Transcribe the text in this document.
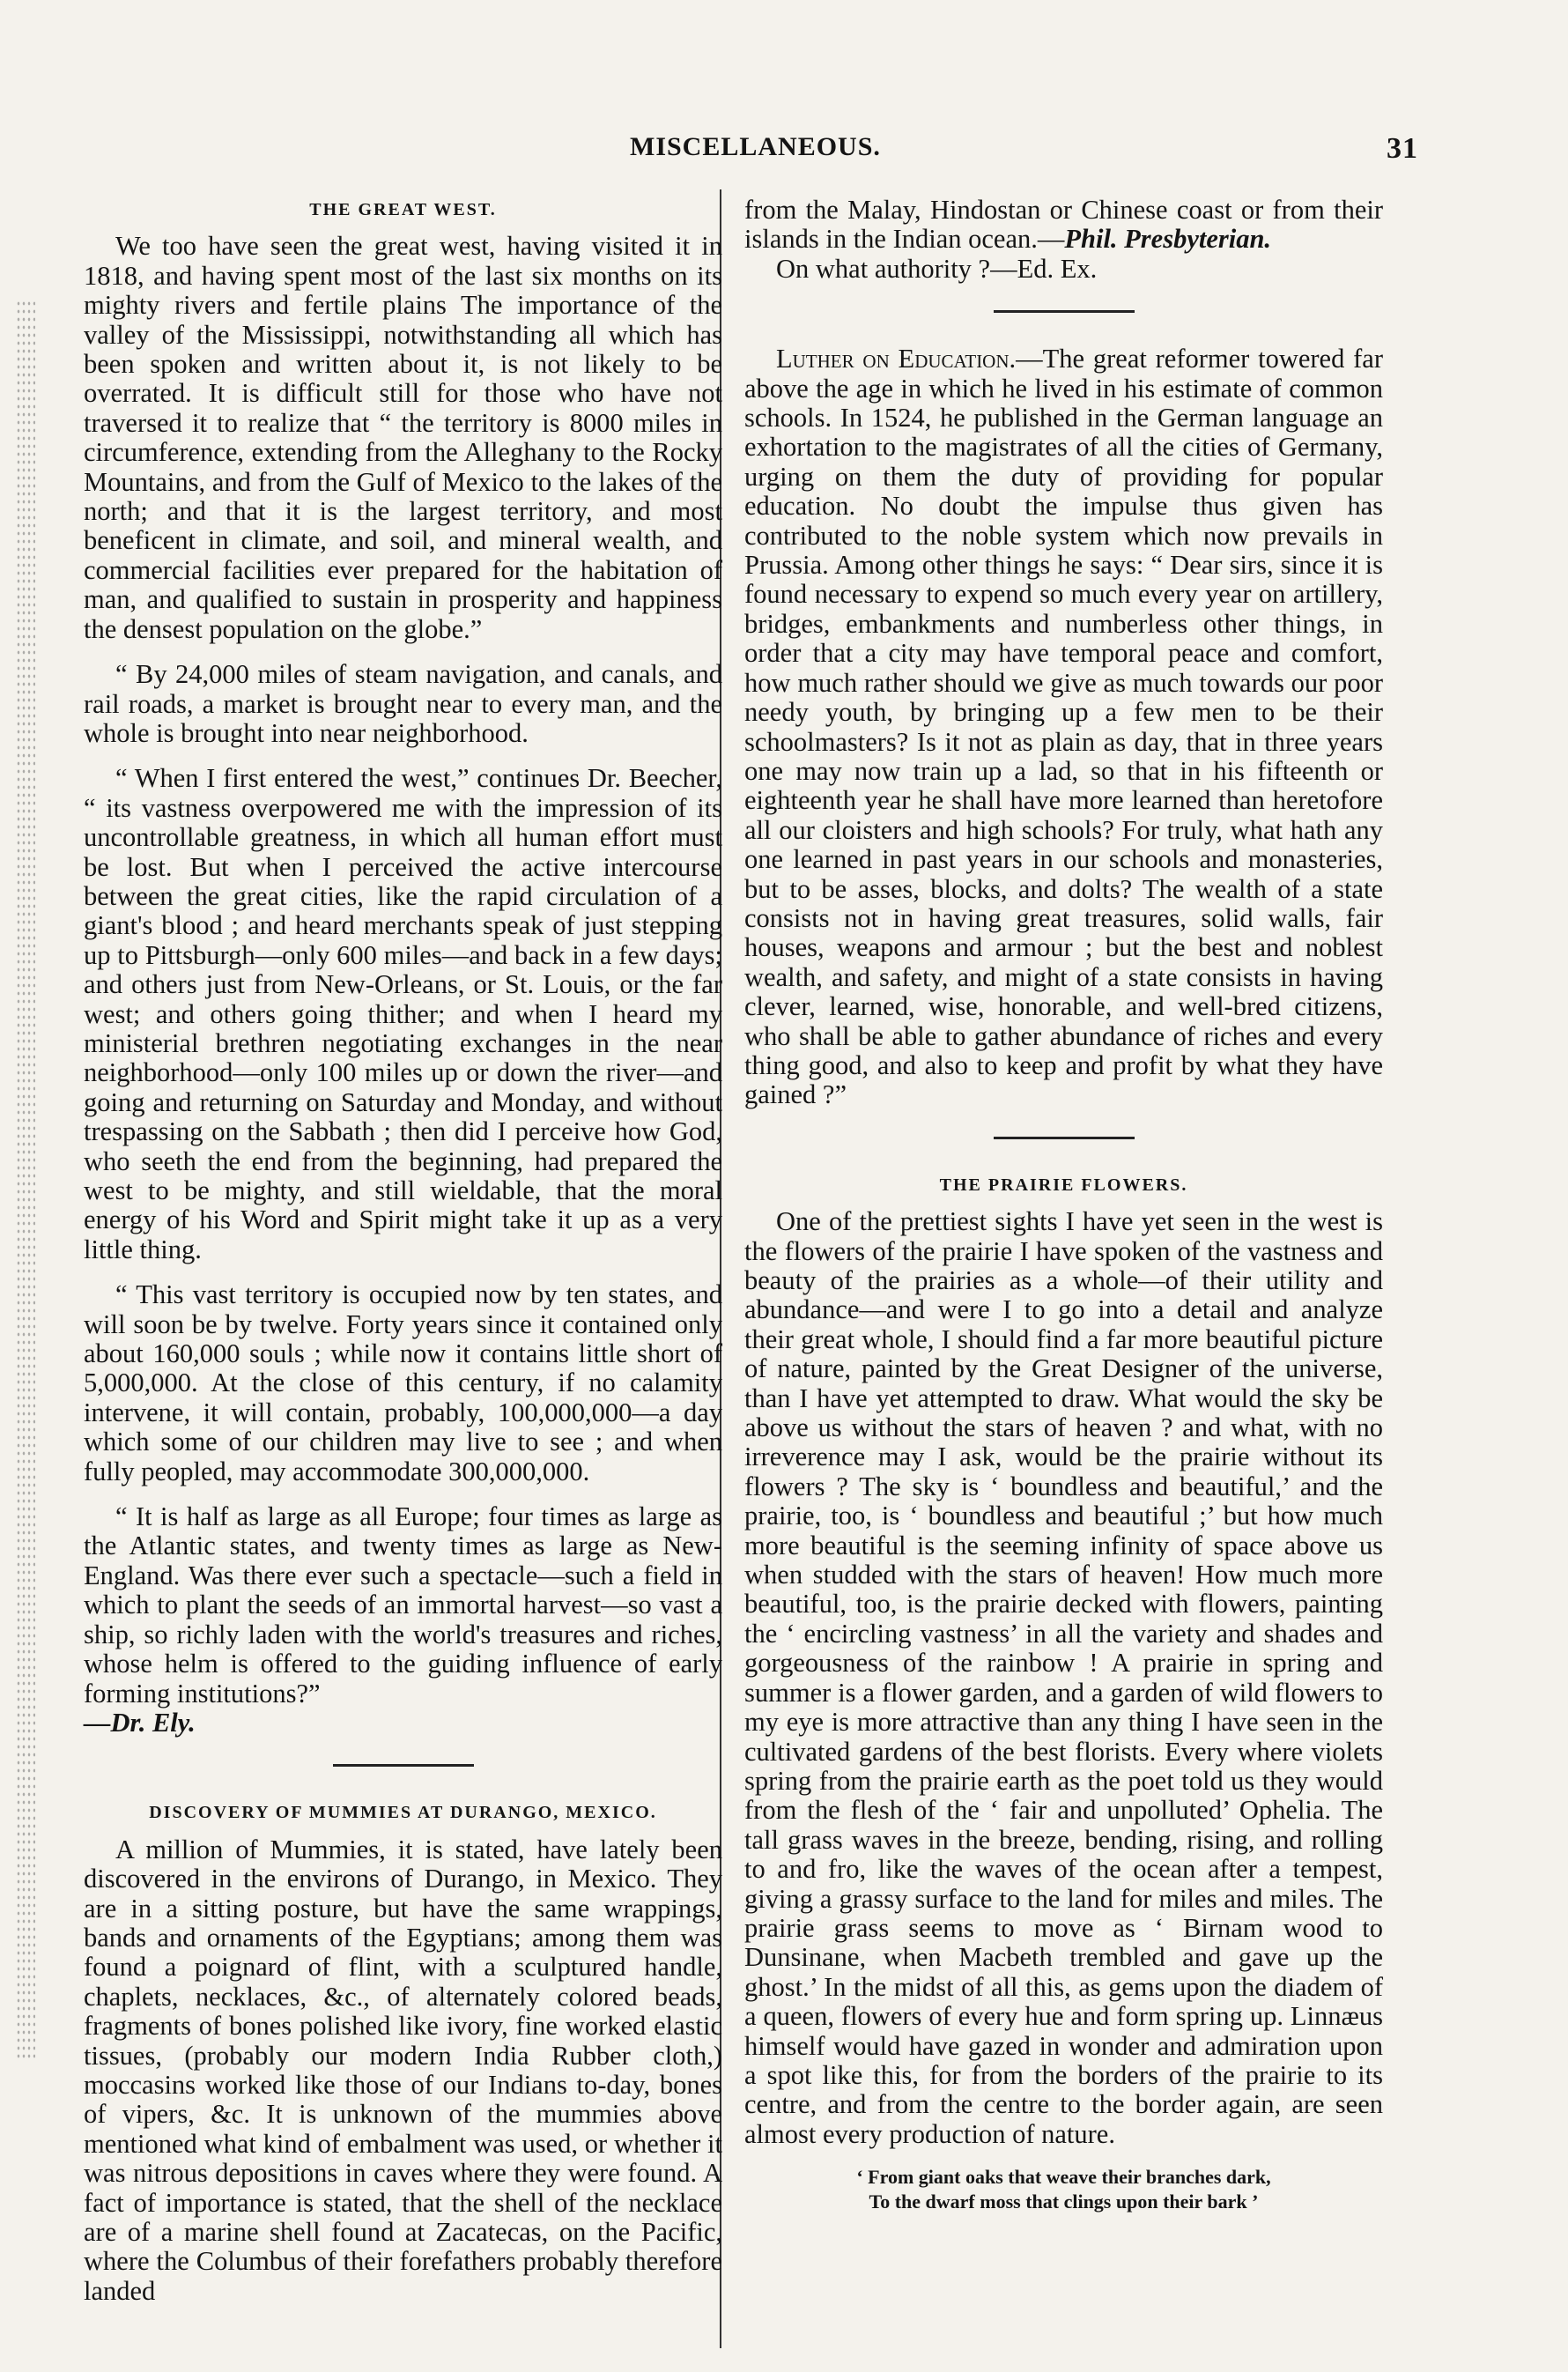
MISCELLANEOUS.	31
THE GREAT WEST.

We too have seen the great west, having visited it in 1818, and having spent most of the last six months on its mighty rivers and fertile plains The importance of the valley of the Mississippi, notwithstanding all which has been spoken and written about it, is not likely to be overrated. It is difficult still for those who have not traversed it to realize that “ the territory is 8000 miles in circumference, extending from the Alleghany to the Rocky Mountains, and from the Gulf of Mexico to the lakes of the north; and that it is the largest territory, and most beneficent in climate, and soil, and mineral wealth, and commercial facilities ever prepared for the habitation of man, and qualified to sustain in prosperity and happiness the densest population on the globe.”

“ By 24,000 miles of steam navigation, and canals, and rail roads, a market is brought near to every man, and the whole is brought into near neighborhood.

“ When I first entered the west,” continues Dr. Beecher, “ its vastness overpowered me with the impression of its uncontrollable greatness, in which all human effort must be lost. But when I perceived the active intercourse between the great cities, like the rapid circulation of a giant's blood ; and heard merchants speak of just stepping up to Pittsburgh—only 600 miles—and back in a few days; and others just from New-Orleans, or St. Louis, or the far west; and others going thither; and when I heard my ministerial brethren negotiating exchanges in the near neighborhood—only 100 miles up or down the river—and going and returning on Saturday and Monday, and without trespassing on the Sabbath ; then did I perceive how God, who seeth the end from the beginning, had prepared the west to be mighty, and still wieldable, that the moral energy of his Word and Spirit might take it up as a very little thing.

“ This vast territory is occupied now by ten states, and will soon be by twelve. Forty years since it contained only about 160,000 souls ; while now it contains little short of 5,000,000. At the close of this century, if no calamity intervene, it will contain, probably, 100,000,000—a day which some of our children may live to see ; and when fully peopled, may accommodate 300,000,000.

“ It is half as large as all Europe; four times as large as the Atlantic states, and twenty times as large as New-England. Was there ever such a spectacle—such a field in which to plant the seeds of an immortal harvest—so vast a ship, so richly laden with the world's treasures and riches, whose helm is offered to the guiding influence of early forming institutions?”

—Dr. Ely.

DISCOVERY OF MUMMIES AT DURANGO, MEXICO.

A million of Mummies, it is stated, have lately been discovered in the environs of Durango, in Mexico. They are in a sitting posture, but have the same wrappings, bands and ornaments of the Egyptians; among them was found a poignard of flint, with a sculptured handle, chaplets, necklaces, &c., of alternately colored beads, fragments of bones polished like ivory, fine worked elastic tissues, (probably our modern India Rubber cloth,) moccasins worked like those of our Indians to-day, bones of vipers, &c. It is unknown of the mummies above mentioned what kind of embalment was used, or whether it was nitrous depositions in caves where they were found. A fact of importance is stated, that the shell of the necklace are of a marine shell found at Zacatecas, on the Pacific, where the Columbus of their forefathers probably therefore landed

from the Malay, Hindostan or Chinese coast or from their islands in the Indian ocean.—Phil. Presbyterian.
On what authority ?—Ed. Ex.

Luther on Education.—The great reformer towered far above the age in which he lived in his estimate of common schools. In 1524, he published in the German language an exhortation to the magistrates of all the cities of Germany, urging on them the duty of providing for popular education. No doubt the impulse thus given has contributed to the noble system which now prevails in Prussia. Among other things he says: “ Dear sirs, since it is found necessary to expend so much every year on artillery, bridges, embankments and numberless other things, in order that a city may have temporal peace and comfort, how much rather should we give as much towards our poor needy youth, by bringing up a few men to be their schoolmasters? Is it not as plain as day, that in three years one may now train up a lad, so that in his fifteenth or eighteenth year he shall have more learned than heretofore all our cloisters and high schools? For truly, what hath any one learned in past years in our schools and monasteries, but to be asses, blocks, and dolts? The wealth of a state consists not in having great treasures, solid walls, fair houses, weapons and armour ; but the best and noblest wealth, and safety, and might of a state consists in having clever, learned, wise, honorable, and well-bred citizens, who shall be able to gather abundance of riches and every thing good, and also to keep and profit by what they have gained ?”

THE PRAIRIE FLOWERS.

One of the prettiest sights I have yet seen in the west is the flowers of the prairie I have spoken of the vastness and beauty of the prairies as a whole—of their utility and abundance—and were I to go into a detail and analyze their great whole, I should find a far more beautiful picture of nature, painted by the Great Designer of the universe, than I have yet attempted to draw. What would the sky be above us without the stars of heaven ? and what, with no irreverence may I ask, would be the prairie without its flowers ? The sky is ‘ boundless and beautiful,’ and the prairie, too, is ‘ boundless and beautiful ;’ but how much more beautiful is the seeming infinity of space above us when studded with the stars of heaven! How much more beautiful, too, is the prairie decked with flowers, painting the ‘ encircling vastness’ in all the variety and shades and gorgeousness of the rainbow ! A prairie in spring and summer is a flower garden, and a garden of wild flowers to my eye is more attractive than any thing I have seen in the cultivated gardens of the best florists. Every where violets spring from the prairie earth as the poet told us they would from the flesh of the ‘ fair and unpolluted’ Ophelia. The tall grass waves in the breeze, bending, rising, and rolling to and fro, like the waves of the ocean after a tempest, giving a grassy surface to the land for miles and miles. The prairie grass seems to move as ‘ Birnam wood to Dunsinane, when Macbeth trembled and gave up the ghost.’ In the midst of all this, as gems upon the diadem of a queen, flowers of every hue and form spring up. Linnæus himself would have gazed in wonder and admiration upon a spot like this, for from the borders of the prairie to its centre, and from the centre to the border again, are seen almost every production of nature.

‘ From giant oaks that weave their branches dark,
To the dwarf moss that clings upon their bark ’
